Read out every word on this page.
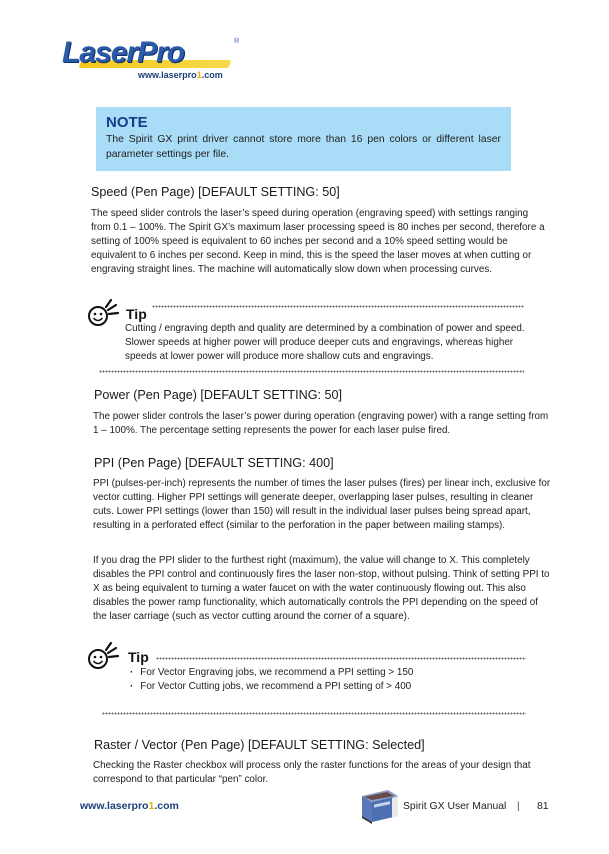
LaserPro	®
www.laserpro1.com
NOTE
The Spirit GX print driver cannot store more than 16 pen colors or different laser parameter settings per file.
Speed (Pen Page) [DEFAULT SETTING: 50]
The speed slider controls the laser’s speed during operation (engraving speed) with settings ranging from 0.1 – 100%. The Spirit GX’s maximum laser processing speed is 80 inches per second, therefore a setting of 100% speed is equivalent to 60 inches per second and a 10% speed setting would be equivalent to 6 inches per second. Keep in mind, this is the speed the laser moves at when cutting or engraving straight lines. The machine will automatically slow down when processing curves.
Tip
Cutting / engraving depth and quality are determined by a combination of power and speed. Slower speeds at higher power will produce deeper cuts and engravings, whereas higher speeds at lower power will produce more shallow cuts and engravings.
Power (Pen Page) [DEFAULT SETTING: 50]
The power slider controls the laser’s power during operation (engraving power) with a range setting from 1 – 100%. The percentage setting represents the power for each laser pulse fired.
PPI (Pen Page) [DEFAULT SETTING: 400]
PPI (pulses-per-inch) represents the number of times the laser pulses (fires) per linear inch, exclusive for vector cutting. Higher PPI settings will generate deeper, overlapping laser pulses, resulting in cleaner cuts. Lower PPI settings (lower than 150) will result in the individual laser pulses being spread apart, resulting in a perforated effect (similar to the perforation in the paper between mailing stamps).
If you drag the PPI slider to the furthest right (maximum), the value will change to X. This completely disables the PPI control and continuously fires the laser non-stop, without pulsing. Think of setting PPI to X as being equivalent to turning a water faucet on with the water continuously flowing out. This also disables the power ramp functionality, which automatically controls the PPI depending on the speed of the laser carriage (such as vector cutting around the corner of a square).
Tip
· For Vector Engraving jobs, we recommend a PPI setting > 150
· For Vector Cutting jobs, we recommend a PPI setting of > 400
Raster / Vector (Pen Page) [DEFAULT SETTING: Selected]
Checking the Raster checkbox will process only the raster functions for the areas of your design that correspond to that particular “pen” color.
www.laserpro1.com	Spirit GX User Manual | 81
